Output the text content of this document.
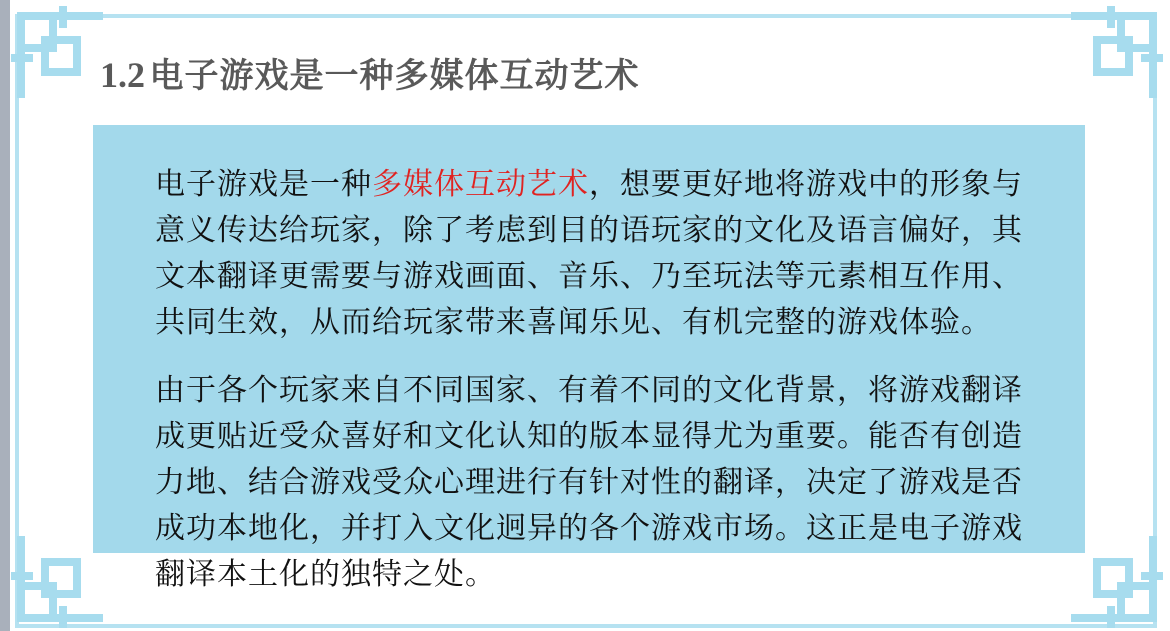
1.2 电子游戏是一种多媒体互动艺术
电子游戏是一种多媒体互动艺术，想要更好地将游戏中的形象与
意义传达给玩家，除了考虑到目的语玩家的文化及语言偏好，其
文本翻译更需要与游戏画面、音乐、乃至玩法等元素相互作用、
共同生效，从而给玩家带来喜闻乐见、有机完整的游戏体验。
由于各个玩家来自不同国家、有着不同的文化背景，将游戏翻译
成更贴近受众喜好和文化认知的版本显得尤为重要。能否有创造
力地、结合游戏受众心理进行有针对性的翻译，决定了游戏是否
成功本地化，并打入文化迥异的各个游戏市场。这正是电子游戏
翻译本土化的独特之处。
